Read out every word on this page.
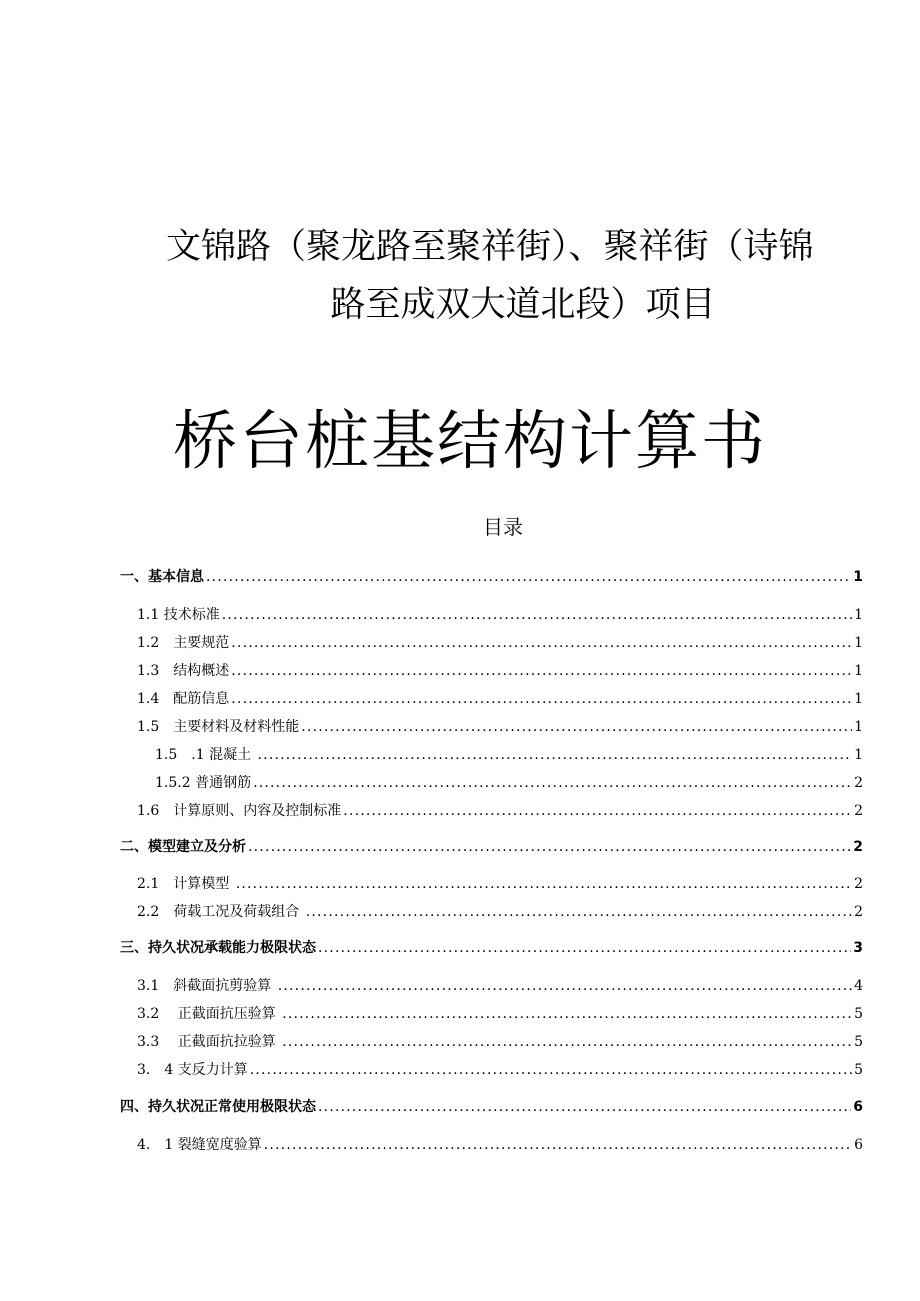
文锦路（聚龙路至聚祥街）、聚祥街（诗锦
路至成双大道北段）项目
桥台桩基结构计算书
目录
一、基本信息 .....	1
1.1 技术标准 .....	1
1.2　主要规范 .....	1
1.3　结构概述 .....	1
1.4　配筋信息 .....	1
1.5　主要材料及材料性能 .....	1
1.5　.1 混凝土 .....	1
1.5.2 普通钢筋 .....	2
1.6　计算原则、内容及控制标准 .....	2
二、模型建立及分析 .....	2
2.1　计算模型 .....	2
2.2　荷载工况及荷载组合 .....	2
三、持久状况承载能力极限状态 .....	3
3.1　斜截面抗剪验算 .....	4
3.2　 正截面抗压验算 .....	5
3.3　 正截面抗拉验算 .....	5
3.　4 支反力计算 .....	5
四、持久状况正常使用极限状态 .....	6
4.　1 裂缝宽度验算 .....	6
